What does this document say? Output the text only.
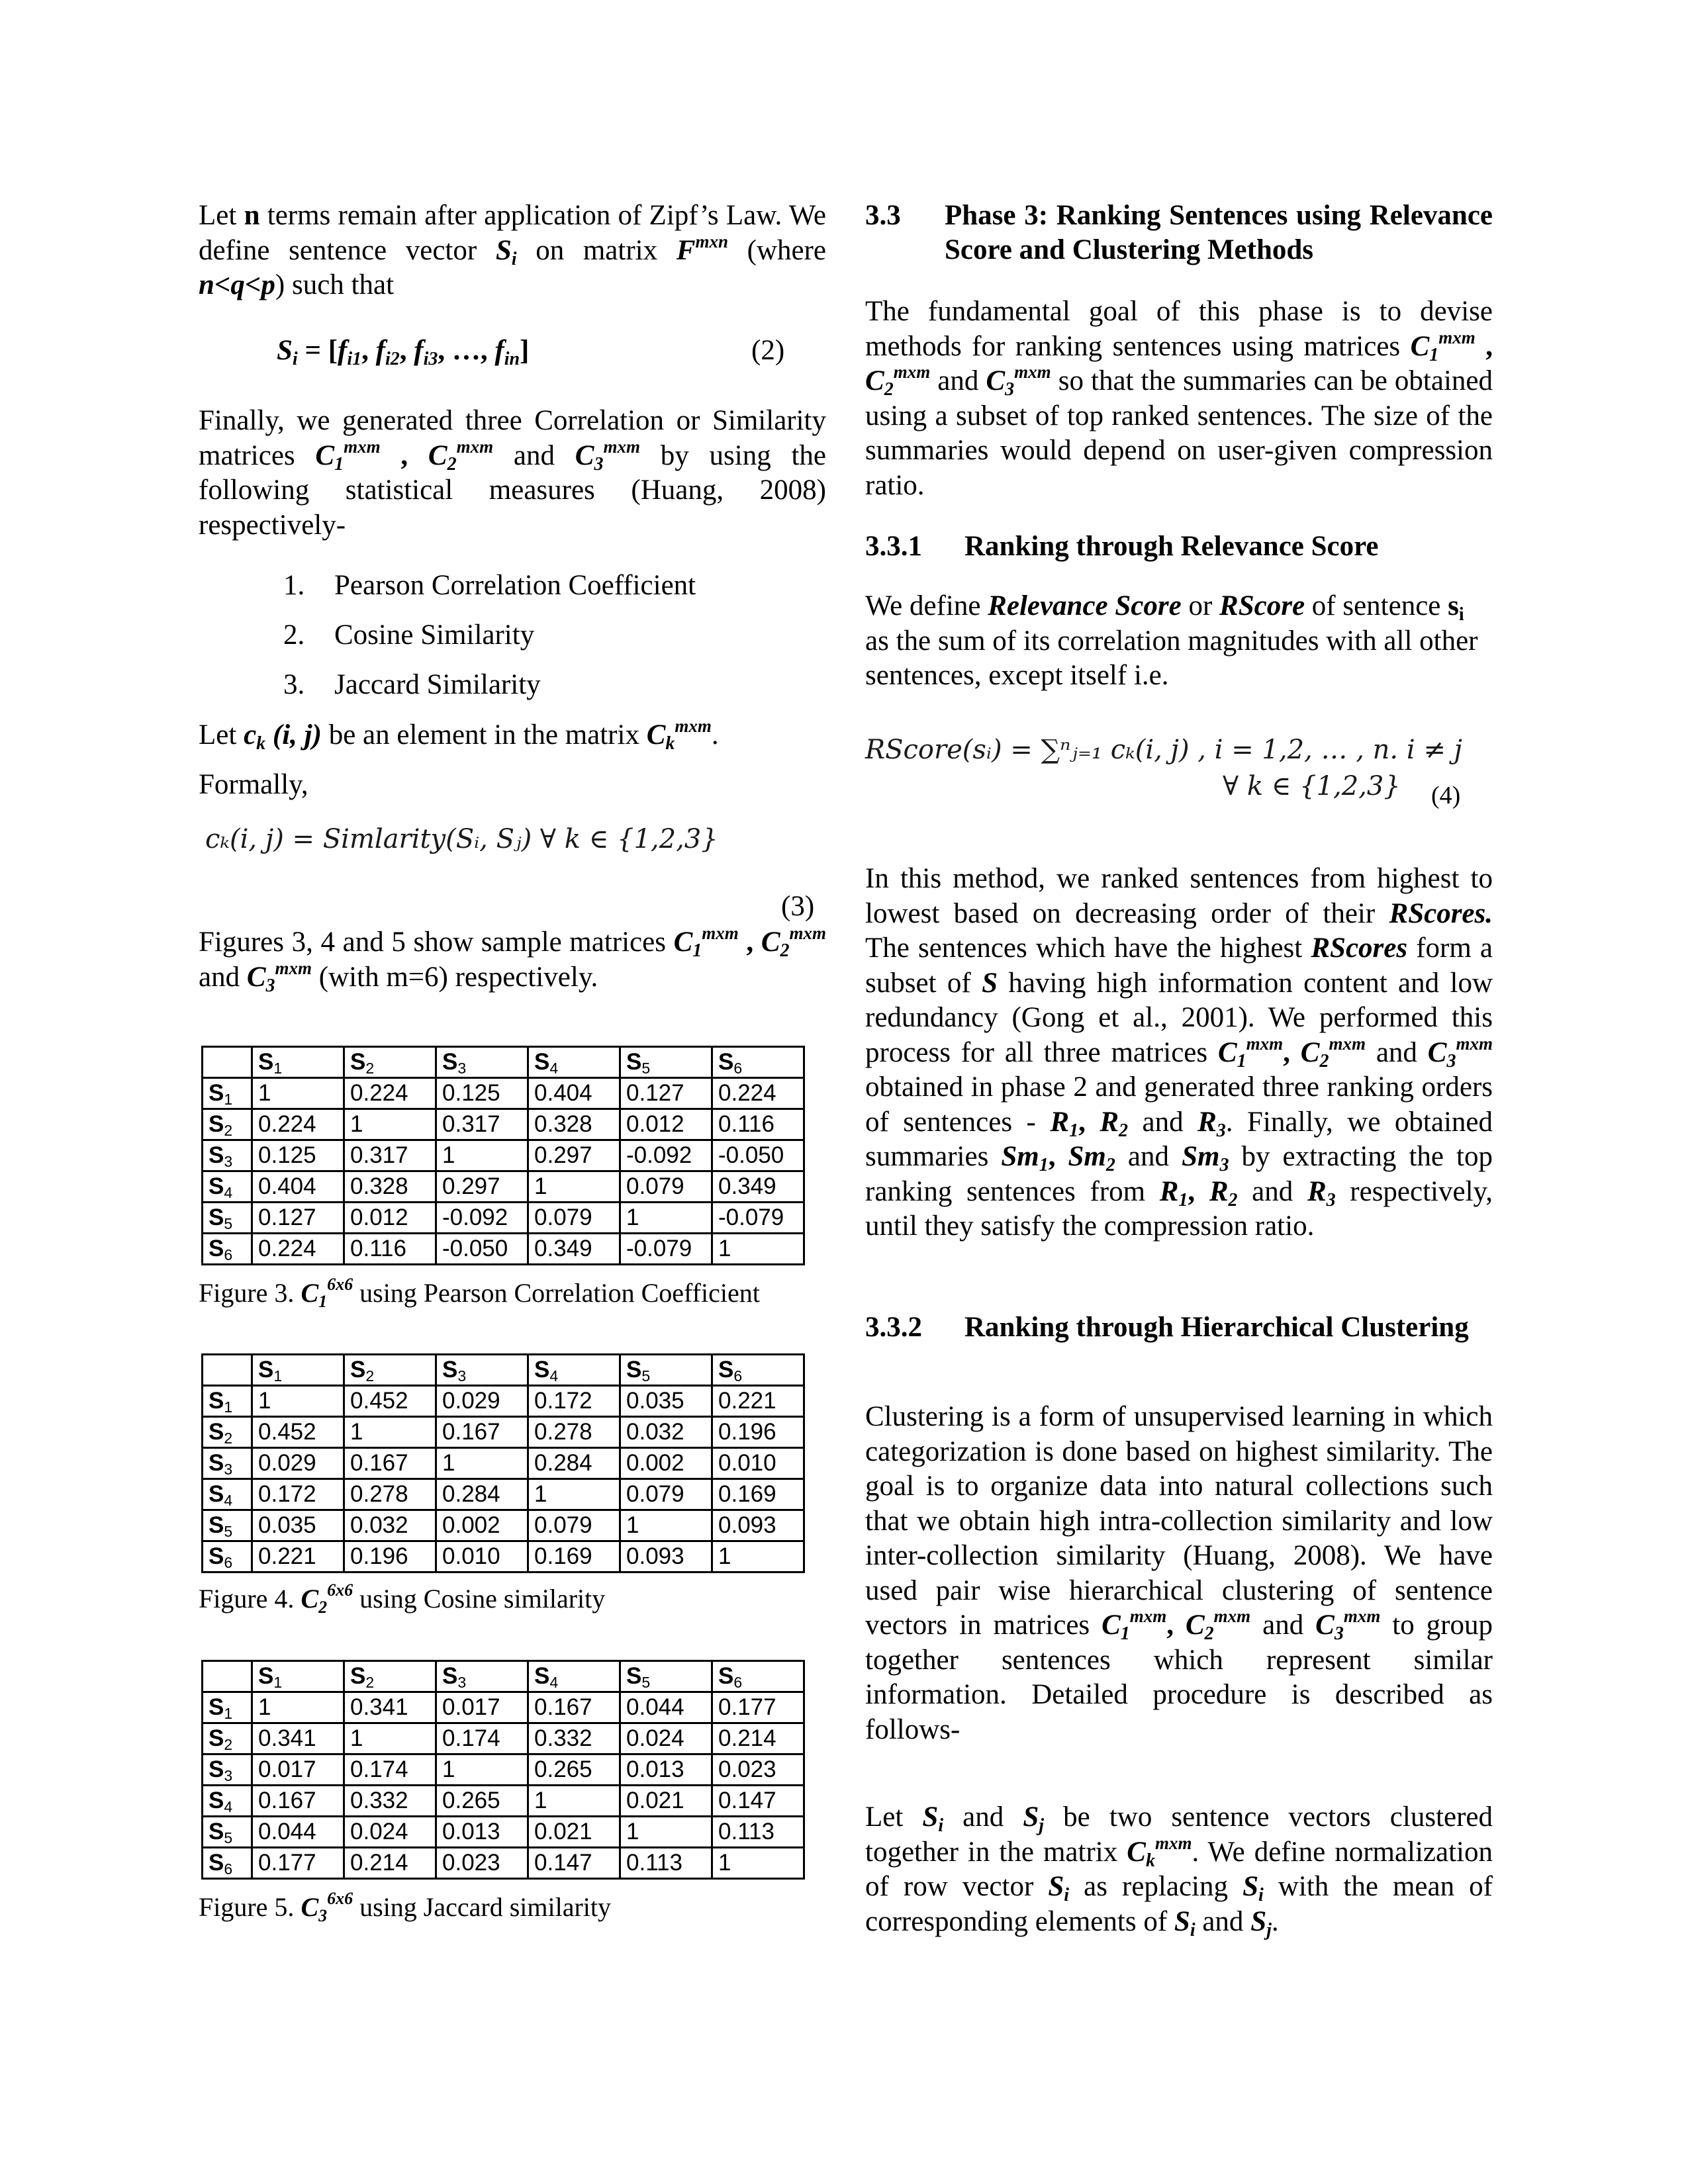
Let n terms remain after application of Zipf’s Law. We define sentence vector $S_i$ on matrix $F^{mxn}$ (where n<q<p) such that

$S_i = [f_{i1}$, $f_{i2}$, $f_{i3}$, …, $f_{in}$]	(2)

Finally, we generated three Correlation or Similarity matrices $C_1^{mxm}$ , $C_2^{mxm}$ and $C_3^{mxm}$ by using the following statistical measures (Huang, 2008) respectively-

1. Pearson Correlation Coefficient
2. Cosine Similarity
3. Jaccard Similarity

Let $c_k$ (i, j) be an element in the matrix $C_k^{mxm}$.

Formally,

cₖ(i, j) = Simlarity(Sᵢ, Sⱼ) ∀ k ∈ {1,2,3}
(3)

Figures 3, 4 and 5 show sample matrices $C_1^{mxm}$ , $C_2^{mxm}$ and $C_3^{mxm}$ (with m=6) respectively.

	$S_1$	$S_2$	$S_3$	$S_4$	$S_5$	$S_6$
$S_1$	1	0.224	0.125	0.404	0.127	0.224
$S_2$	0.224	1	0.317	0.328	0.012	0.116
$S_3$	0.125	0.317	1	0.297	-0.092	-0.050
$S_4$	0.404	0.328	0.297	1	0.079	0.349
$S_5$	0.127	0.012	-0.092	0.079	1	-0.079
$S_6$	0.224	0.116	-0.050	0.349	-0.079	1
Figure 3. $C_1^{6x6}$ using Pearson Correlation Coefficient
	$S_1$	$S_2$	$S_3$	$S_4$	$S_5$	$S_6$
$S_1$	1	0.452	0.029	0.172	0.035	0.221
$S_2$	0.452	1	0.167	0.278	0.032	0.196
$S_3$	0.029	0.167	1	0.284	0.002	0.010
$S_4$	0.172	0.278	0.284	1	0.079	0.169
$S_5$	0.035	0.032	0.002	0.079	1	0.093
$S_6$	0.221	0.196	0.010	0.169	0.093	1
Figure 4. $C_2^{6x6}$ using Cosine similarity
	$S_1$	$S_2$	$S_3$	$S_4$	$S_5$	$S_6$
$S_1$	1	0.341	0.017	0.167	0.044	0.177
$S_2$	0.341	1	0.174	0.332	0.024	0.214
$S_3$	0.017	0.174	1	0.265	0.013	0.023
$S_4$	0.167	0.332	0.265	1	0.021	0.147
$S_5$	0.044	0.024	0.013	0.021	1	0.113
$S_6$	0.177	0.214	0.023	0.147	0.113	1
Figure 5. $C_3^{6x6}$ using Jaccard similarity
3.3 Phase 3: Ranking Sentences using Relevance Score and Clustering Methods

The fundamental goal of this phase is to devise methods for ranking sentences using matrices $C_1^{mxm}$ , $C_2^{mxm}$ and $C_3^{mxm}$ so that the summaries can be obtained using a subset of top ranked sentences. The size of the summaries would depend on user-given compression ratio.

3.3.1 Ranking through Relevance Score

We define Relevance Score or RScore of sentence $s_i$ as the sum of its correlation magnitudes with all other sentences, except itself i.e.

RScore(sᵢ) = ∑ⁿⱼ₌₁ cₖ(i, j) , i = 1,2, … , n. i ≠ j
∀ k ∈ {1,2,3} (4)

In this method, we ranked sentences from highest to lowest based on decreasing order of their RScores. The sentences which have the highest RScores form a subset of S having high information content and low redundancy (Gong et al., 2001). We performed this process for all three matrices $C_1^{mxm}$, $C_2^{mxm}$ and $C_3^{mxm}$ obtained in phase 2 and generated three ranking orders of sentences - $R_1$, $R_2$ and $R_3$. Finally, we obtained summaries $Sm_1$, $Sm_2$ and $Sm_3$ by extracting the top ranking sentences from $R_1$, $R_2$ and $R_3$ respectively, until they satisfy the compression ratio.

3.3.2 Ranking through Hierarchical Clustering

Clustering is a form of unsupervised learning in which categorization is done based on highest similarity. The goal is to organize data into natural collections such that we obtain high intra-collection similarity and low inter-collection similarity (Huang, 2008). We have used pair wise hierarchical clustering of sentence vectors in matrices $C_1^{mxm}$, $C_2^{mxm}$ and $C_3^{mxm}$ to group together sentences which represent similar information. Detailed procedure is described as follows-

Let $S_i$ and $S_j$ be two sentence vectors clustered together in the matrix $C_k^{mxm}$. We define normalization of row vector $S_i$ as replacing $S_i$ with the mean of corresponding elements of $S_i$ and $S_j$.
